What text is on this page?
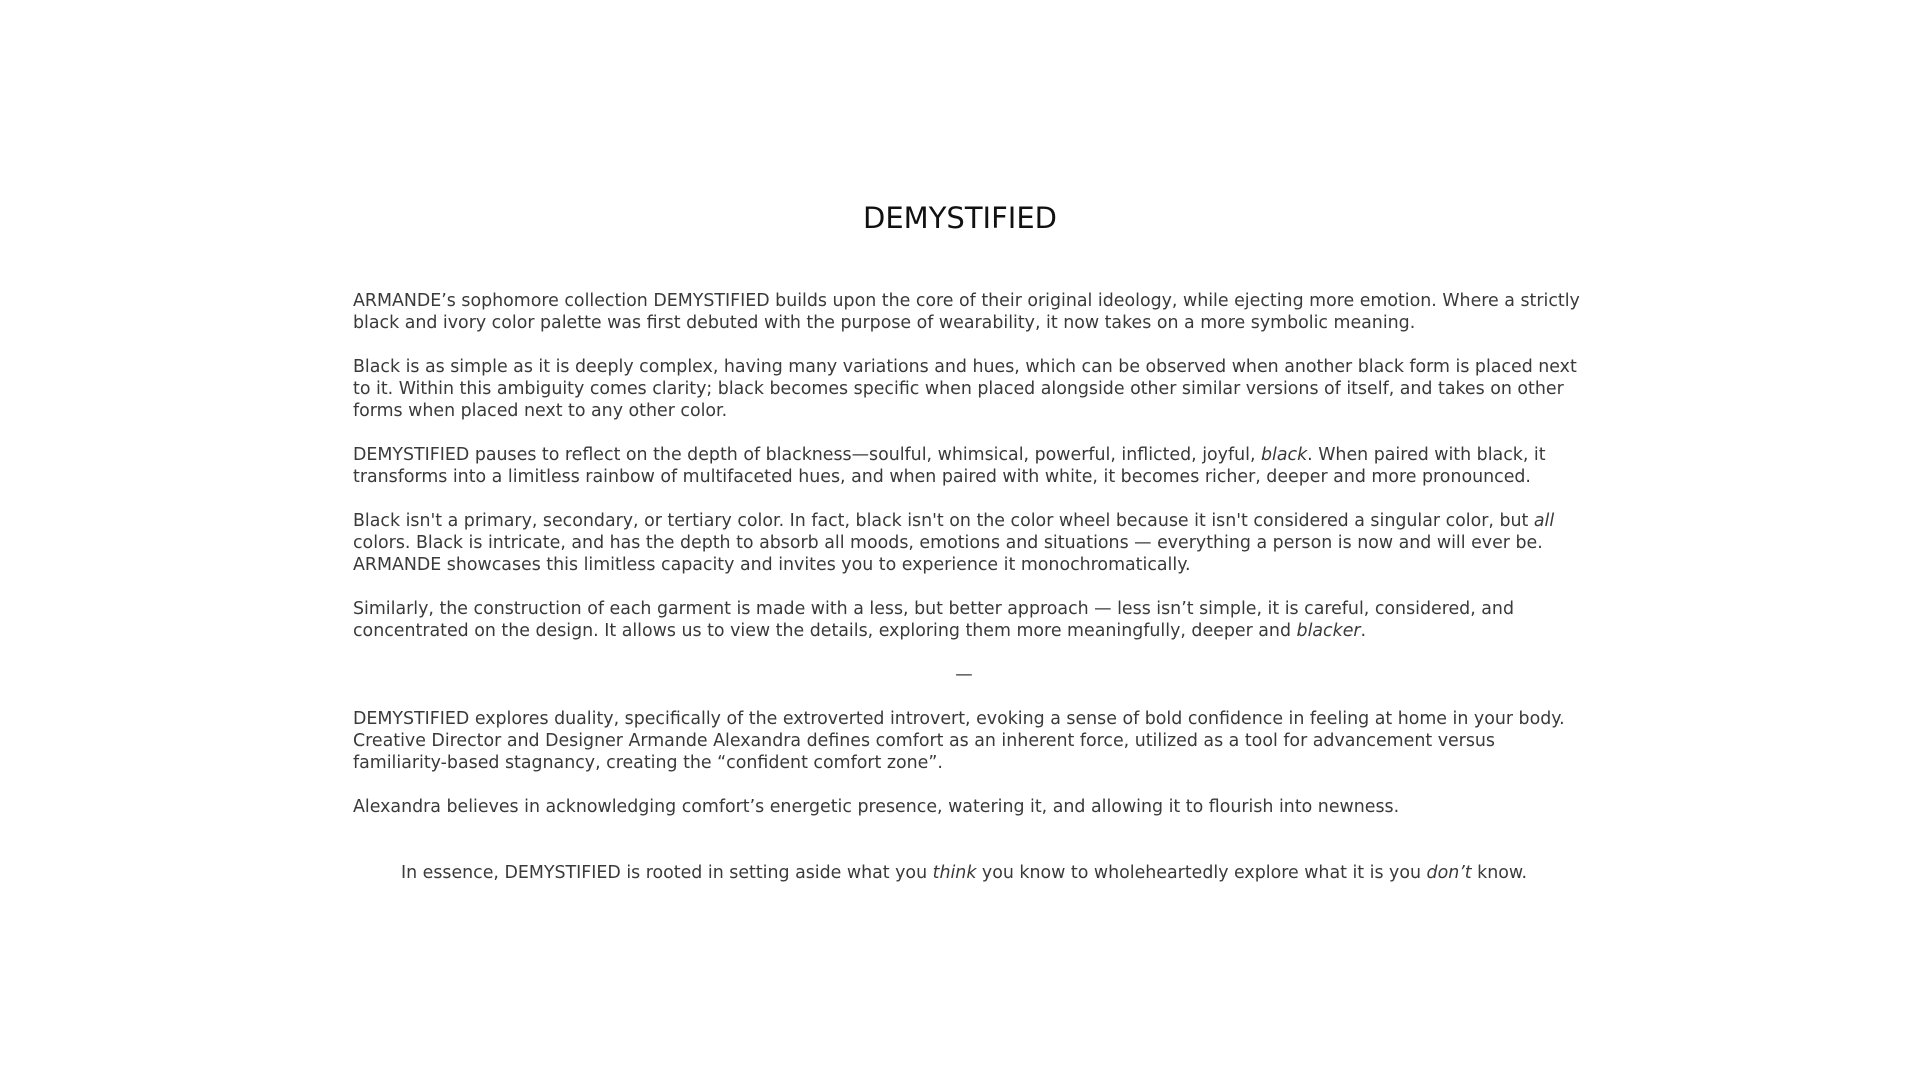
DEMYSTIFIED

ARMANDE’s sophomore collection DEMYSTIFIED builds upon the core of their original ideology, while ejecting more emotion. Where a strictly black and ivory color palette was first debuted with the purpose of wearability, it now takes on a more symbolic meaning.

Black is as simple as it is deeply complex, having many variations and hues, which can be observed when another black form is placed next to it. Within this ambiguity comes clarity; black becomes specific when placed alongside other similar versions of itself, and takes on other forms when placed next to any other color.

DEMYSTIFIED pauses to reflect on the depth of blackness—soulful, whimsical, powerful, inflicted, joyful, black. When paired with black, it transforms into a limitless rainbow of multifaceted hues, and when paired with white, it becomes richer, deeper and more pronounced.

Black isn't a primary, secondary, or tertiary color. In fact, black isn't on the color wheel because it isn't considered a singular color, but all colors. Black is intricate, and has the depth to absorb all moods, emotions and situations — everything a person is now and will ever be. ARMANDE showcases this limitless capacity and invites you to experience it monochromatically.

Similarly, the construction of each garment is made with a less, but better approach — less isn’t simple, it is careful, considered, and concentrated on the design. It allows us to view the details, exploring them more meaningfully, deeper and blacker.

—

DEMYSTIFIED explores duality, specifically of the extroverted introvert, evoking a sense of bold confidence in feeling at home in your body. Creative Director and Designer Armande Alexandra defines comfort as an inherent force, utilized as a tool for advancement versus familiarity-based stagnancy, creating the “confident comfort zone”.

Alexandra believes in acknowledging comfort’s energetic presence, watering it, and allowing it to flourish into newness.

In essence, DEMYSTIFIED is rooted in setting aside what you think you know to wholeheartedly explore what it is you don’t know.
